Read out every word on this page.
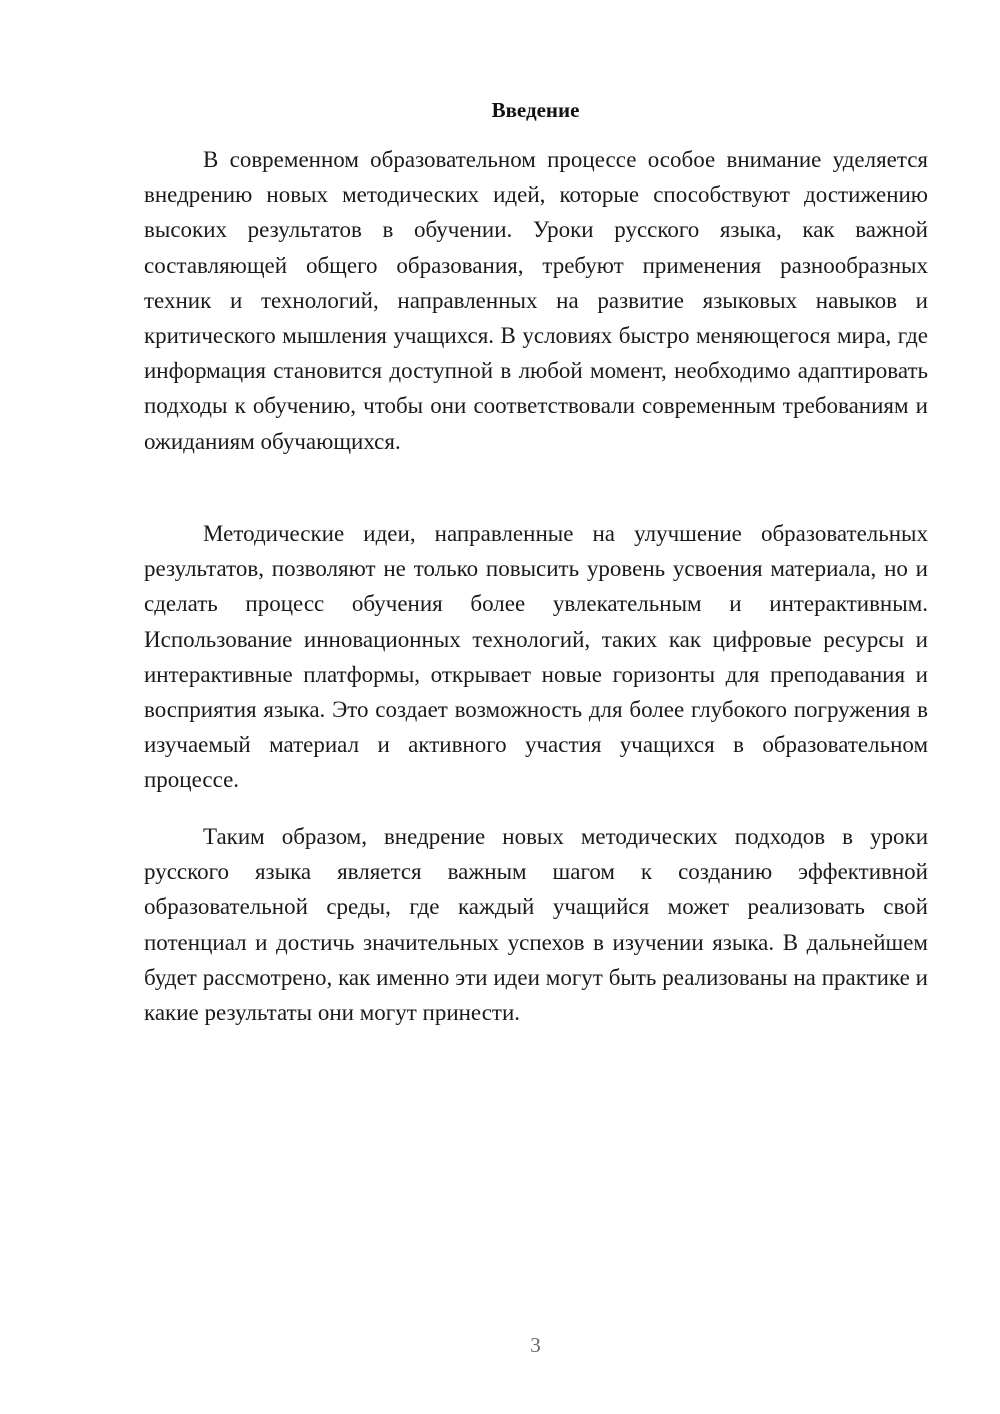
Введение

В современном образовательном процессе особое внимание уделяется внедрению новых методических идей, которые способствуют достижению высоких результатов в обучении. Уроки русского языка, как важной составляющей общего образования, требуют применения разнообразных техник и технологий, направленных на развитие языковых навыков и критического мышления учащихся. В условиях быстро меняющегося мира, где информация становится доступной в любой момент, необходимо адаптировать подходы к обучению, чтобы они соответствовали современным требованиям и ожиданиям обучающихся.

Методические идеи, направленные на улучшение образовательных результатов, позволяют не только повысить уровень усвоения материала, но и сделать процесс обучения более увлекательным и интерактивным. Использование инновационных технологий, таких как цифровые ресурсы и интерактивные платформы, открывает новые горизонты для преподавания и восприятия языка. Это создает возможность для более глубокого погружения в изучаемый материал и активного участия учащихся в образовательном процессе.

Таким образом, внедрение новых методических подходов в уроки русского языка является важным шагом к созданию эффективной образовательной среды, где каждый учащийся может реализовать свой потенциал и достичь значительных успехов в изучении языка. В дальнейшем будет рассмотрено, как именно эти идеи могут быть реализованы на практике и какие результаты они могут принести.

3
